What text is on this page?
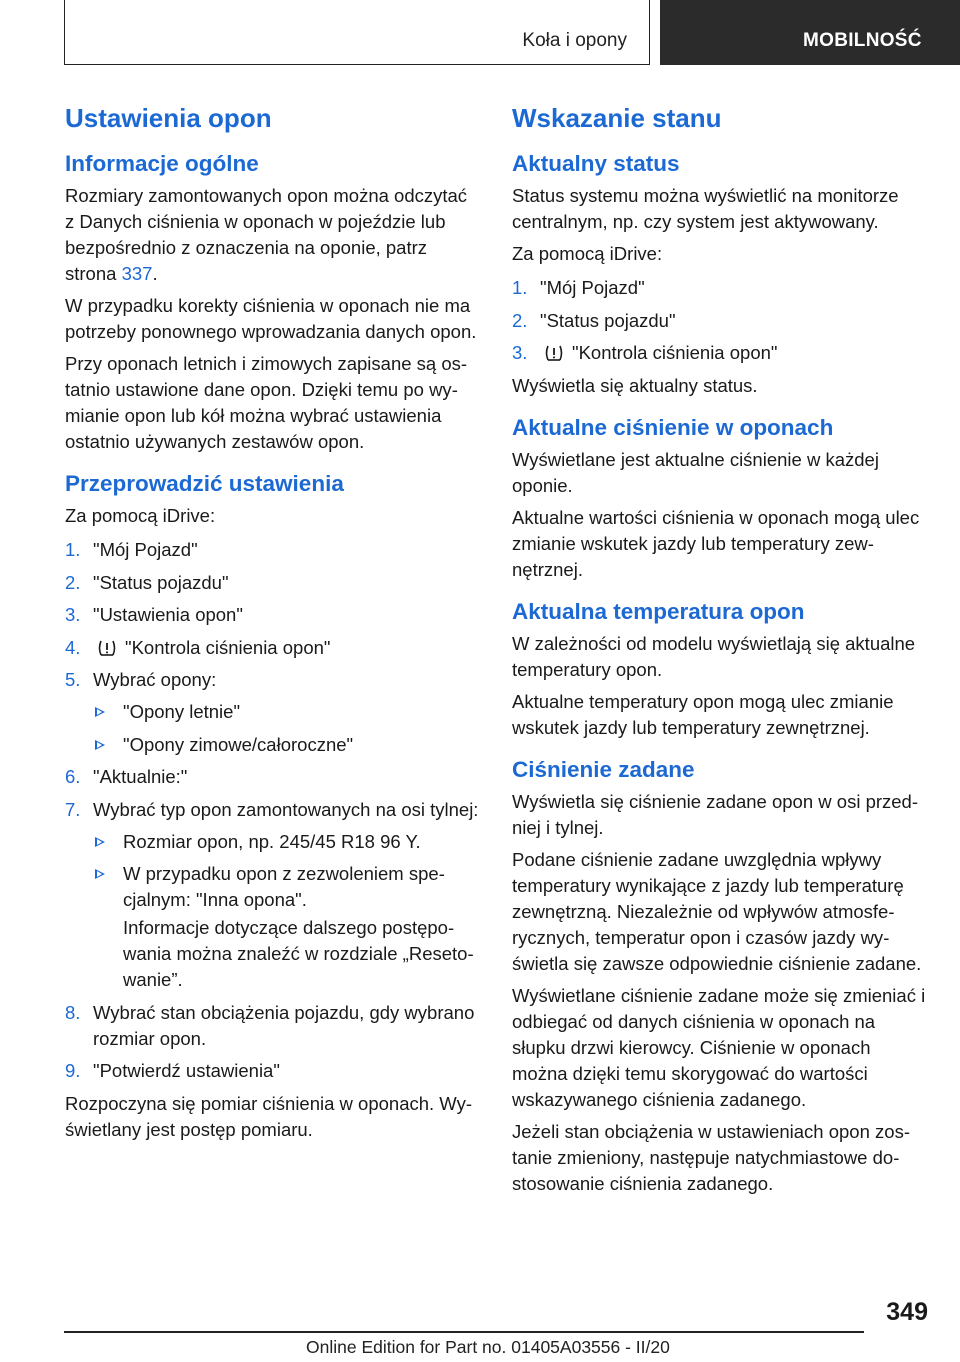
Koła i opony	MOBILNOŚĆ
Ustawienia opon
Informacje ogólne

Rozmiary zamontowanych opon można odczytać z Danych ciśnienia w oponach w pojeździe lub bezpośrednio z oznaczenia na oponie, patrz strona 337.

W przypadku korekty ciśnienia w oponach nie ma potrzeby ponownego wprowadzania danych opon.

Przy oponach letnich i zimowych zapisane są ostatnio ustawione dane opon. Dzięki temu po wymianie opon lub kół można wybrać ustawienia ostatnio używanych zestawów opon.

Przeprowadzić ustawienia

Za pomocą iDrive:

1. "Mój Pojazd"
2. "Status pojazdu"
3. "Ustawienia opon"
4. "Kontrola ciśnienia opon"
5. Wybrać opony:
"Opony letnie"
"Opony zimowe/całoroczne"
6. "Aktualnie:"
7. Wybrać typ opon zamontowanych na osi tylnej:
Rozmiar opon, np. 245/45 R18 96 Y.
W przypadku opon z zezwoleniem specjalnym: "Inna opona".

Informacje dotyczące dalszego postępowania można znaleźć w rozdziale „Resetowanie”.

8. Wybrać stan obciążenia pojazdu, gdy wybrano rozmiar opon.
9. "Potwierdź ustawienia"

Rozpoczyna się pomiar ciśnienia w oponach. Wyświetlany jest postęp pomiaru.

Wskazanie stanu
Aktualny status

Status systemu można wyświetlić na monitorze centralnym, np. czy system jest aktywowany.

Za pomocą iDrive:

1. "Mój Pojazd"
2. "Status pojazdu"
3. "Kontrola ciśnienia opon"

Wyświetla się aktualny status.

Aktualne ciśnienie w oponach

Wyświetlane jest aktualne ciśnienie w każdej oponie.

Aktualne wartości ciśnienia w oponach mogą ulec zmianie wskutek jazdy lub temperatury zewnętrznej.

Aktualna temperatura opon

W zależności od modelu wyświetlają się aktualne temperatury opon.

Aktualne temperatury opon mogą ulec zmianie wskutek jazdy lub temperatury zewnętrznej.

Ciśnienie zadane

Wyświetla się ciśnienie zadane opon w osi przedniej i tylnej.

Podane ciśnienie zadane uwzględnia wpływy temperatury wynikające z jazdy lub temperaturę zewnętrzną. Niezależnie od wpływów atmosferycznych, temperatur opon i czasów jazdy wyświetla się zawsze odpowiednie ciśnienie zadane.

Wyświetlane ciśnienie zadane może się zmieniać i odbiegać od danych ciśnienia w oponach na słupku drzwi kierowcy. Ciśnienie w oponach można dzięki temu skorygować do wartości wskazywanego ciśnienia zadanego.

Jeżeli stan obciążenia w ustawieniach opon zostanie zmieniony, następuje natychmiastowe dostosowanie ciśnienia zadanego.

349
Online Edition for Part no. 01405A03556 - II/20
